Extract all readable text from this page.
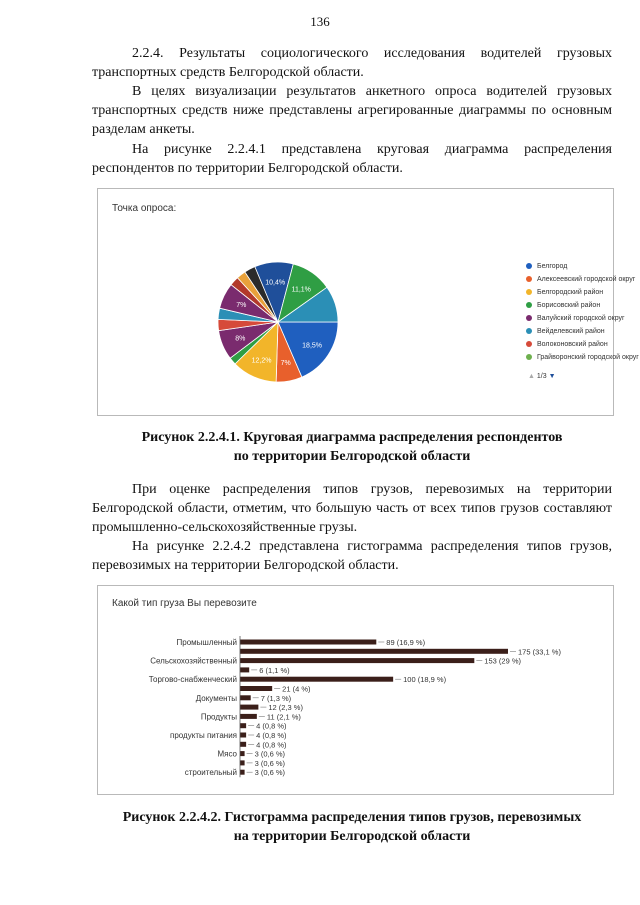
136

2.2.4. Результаты социологического исследования водителей грузовых транспортных средств Белгородской области.

В целях визуализации результатов анкетного опроса водителей грузовых транспортных средств ниже представлены агрегированные диаграммы по основным разделам анкеты.

На рисунке 2.2.4.1 представлена круговая диаграмма распределения респондентов по территории Белгородской области.

Точка опроса:
18,5%
7%
12,2%
8%
7%
10,4%
11,1%
Белгород
Алексеевский городской округ
Белгородский район
Борисовский район
Валуйский городской округ
Вейделевский район
Волоконовский район
Грайворонский городской округ
▲ 1/3 ▼
Рисунок 2.2.4.1. Круговая диаграмма распределения респондентов
по территории Белгородской области

При оценке распределения типов грузов, перевозимых на территории Белгородской области, отметим, что большую часть от всех типов грузов составляют промышленно-сельскохозяйственные грузы.

На рисунке 2.2.4.2 представлена гистограмма распределения типов грузов, перевозимых на территории Белгородской области.

Какой тип груза Вы перевозите
89 (16,9 %)
Промышленный
175 (33,1 %)
153 (29 %)
Сельскохозяйственный
6 (1,1 %)
100 (18,9 %)
Торгово-снабженческий
21 (4 %)
7 (1,3 %)
Документы
12 (2,3 %)
11 (2,1 %)
Продукты
4 (0,8 %)
4 (0,8 %)
продукты питания
4 (0,8 %)
3 (0,6 %)
Мясо
3 (0,6 %)
3 (0,6 %)
строительный
Рисунок 2.2.4.2. Гистограмма распределения типов грузов, перевозимых
на территории Белгородской области
